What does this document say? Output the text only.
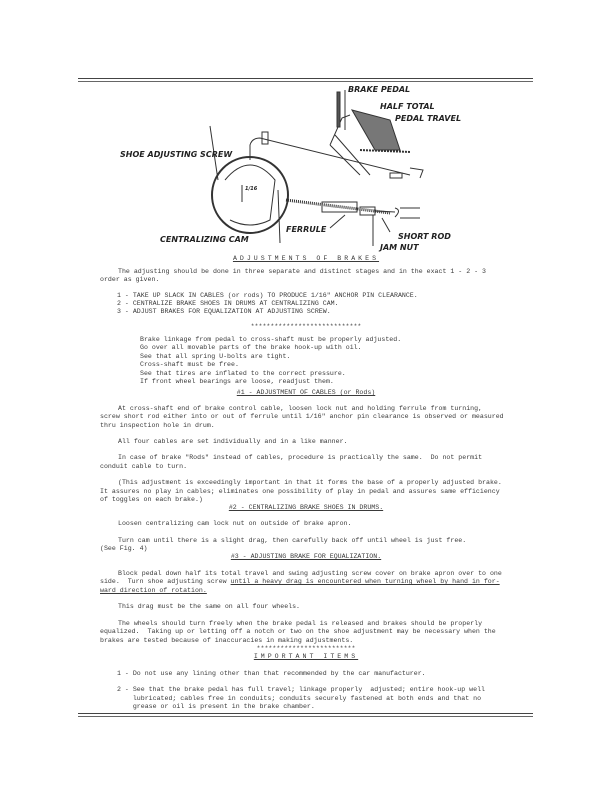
BRAKE PEDAL
HALF TOTAL
PEDAL TRAVEL
SHOE ADJUSTING SCREW
1/16
FERRULE
SHORT ROD
CENTRALIZING CAM
JAM NUT
ADJUSTMENTS OF BRAKES
The adjusting should be done in three separate and distinct stages and in the exact 1 - 2 - 3
order as given.
1 - TAKE UP SLACK IN CABLES (or rods) TO PRODUCE 1/16" ANCHOR PIN CLEARANCE.
2 - CENTRALIZE BRAKE SHOES IN DRUMS AT CENTRALIZING CAM.
3 - ADJUST BRAKES FOR EQUALIZATION AT ADJUSTING SCREW.
****************************
Brake linkage from pedal to cross-shaft must be properly adjusted.
Go over all movable parts of the brake hook-up with oil.
See that all spring U-bolts are tight.
Cross-shaft must be free.
See that tires are inflated to the correct pressure.
If front wheel bearings are loose, readjust them.
#1 - ADJUSTMENT OF CABLES (or Rods)
At cross-shaft end of brake control cable, loosen lock nut and holding ferrule from turning,
screw short rod either into or out of ferrule until 1/16" anchor pin clearance is observed or measured
thru inspection hole in drum.
All four cables are set individually and in a like manner.
In case of brake "Rods" instead of cables, procedure is practically the same.  Do not permit
conduit cable to turn.
(This adjustment is exceedingly important in that it forms the base of a properly adjusted brake.
It assures no play in cables; eliminates one possibility of play in pedal and assures same efficiency
of toggles on each brake.)
#2 - CENTRALIZING BRAKE SHOES IN DRUMS.
Loosen centralizing cam lock nut on outside of brake apron.
Turn cam until there is a slight drag, then carefully back off until wheel is just free.
(See Fig. 4)
#3 - ADJUSTING BRAKE FOR EQUALIZATION.
Block pedal down half its total travel and swing adjusting screw cover on brake apron over to one
side.  Turn shoe adjusting screw until a heavy drag is encountered when turning wheel by hand in for-
ward direction of rotation.
This drag must be the same on all four wheels.
The wheels should turn freely when the brake pedal is released and brakes should be properly
equalized.  Taking up or letting off a notch or two on the shoe adjustment may be necessary when the
brakes are tested because of inaccuracies in making adjustments.
*************************
IMPORTANT ITEMS
1 - Do not use any lining other than that recommended by the car manufacturer.
2 - See that the brake pedal has full travel; linkage properly  adjusted; entire hook-up well
lubricated; cables free in conduits; conduits securely fastened at both ends and that no
grease or oil is present in the brake chamber.
